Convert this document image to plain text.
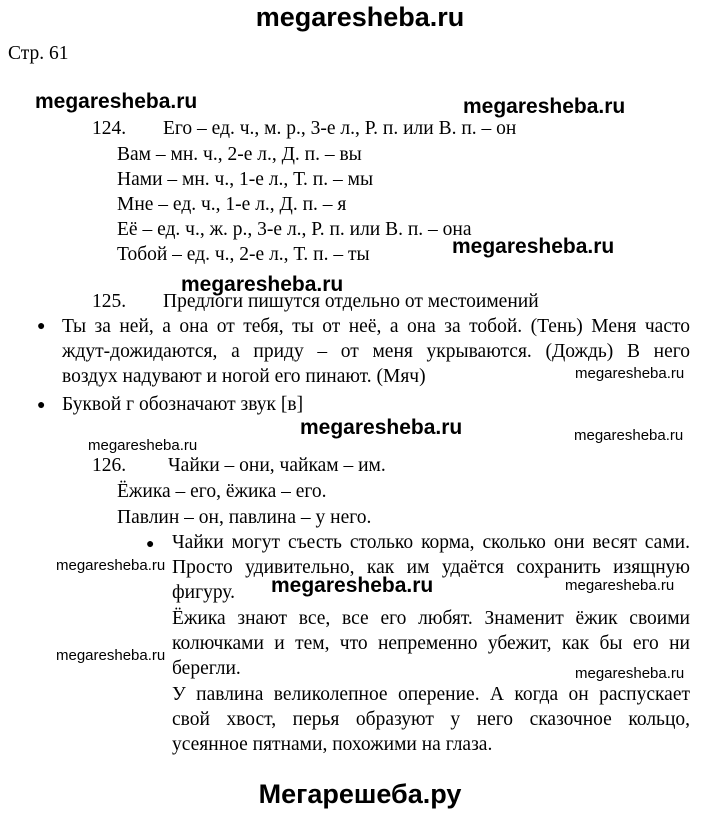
megaresheba.ru
Стр. 61
megaresheba.ru	megaresheba.ru
megaresheba.ru
megaresheba.ru
megaresheba.ru
megaresheba.ru
megaresheba.ru
megaresheba.ru
megaresheba.ru
megaresheba.ru
megaresheba.ru
megaresheba.ru
megaresheba.ru
124. Его – ед. ч., м. р., 3-е л., Р. п. или В. п. – он
Вам – мн. ч., 2-е л., Д. п. – вы
Нами – мн. ч., 1-е л., Т. п. – мы
Мне – ед. ч., 1-е л., Д. п. – я
Её – ед. ч., ж. р., 3-е л., Р. п. или В. п. – она
Тобой – ед. ч., 2-е л., Т. п. – ты
125. Предлоги пишутся отдельно от местоимений
● Ты за ней, а она от тебя, ты от неё, а она за тобой. (Тень) Меня часто
ждут-дожидаются, а приду – от меня укрываются. (Дождь) В него
воздух надувают и ногой его пинают. (Мяч)
● Буквой г обозначают звук [в]
126. Чайки – они, чайкам – им.
Ёжика – его, ёжика – его.
Павлин – он, павлина – у него.
● Чайки могут съесть столько корма, сколько они весят сами.
Просто удивительно, как им удаётся сохранить изящную
фигуру.
Ёжика знают все, все его любят. Знаменит ёжик своими
колючками и тем, что непременно убежит, как бы его ни
берегли.
У павлина великолепное оперение. А когда он распускает
свой хвост, перья образуют у него сказочное кольцо,
усеянное пятнами, похожими на глаза.
Мегарешеба.ру
